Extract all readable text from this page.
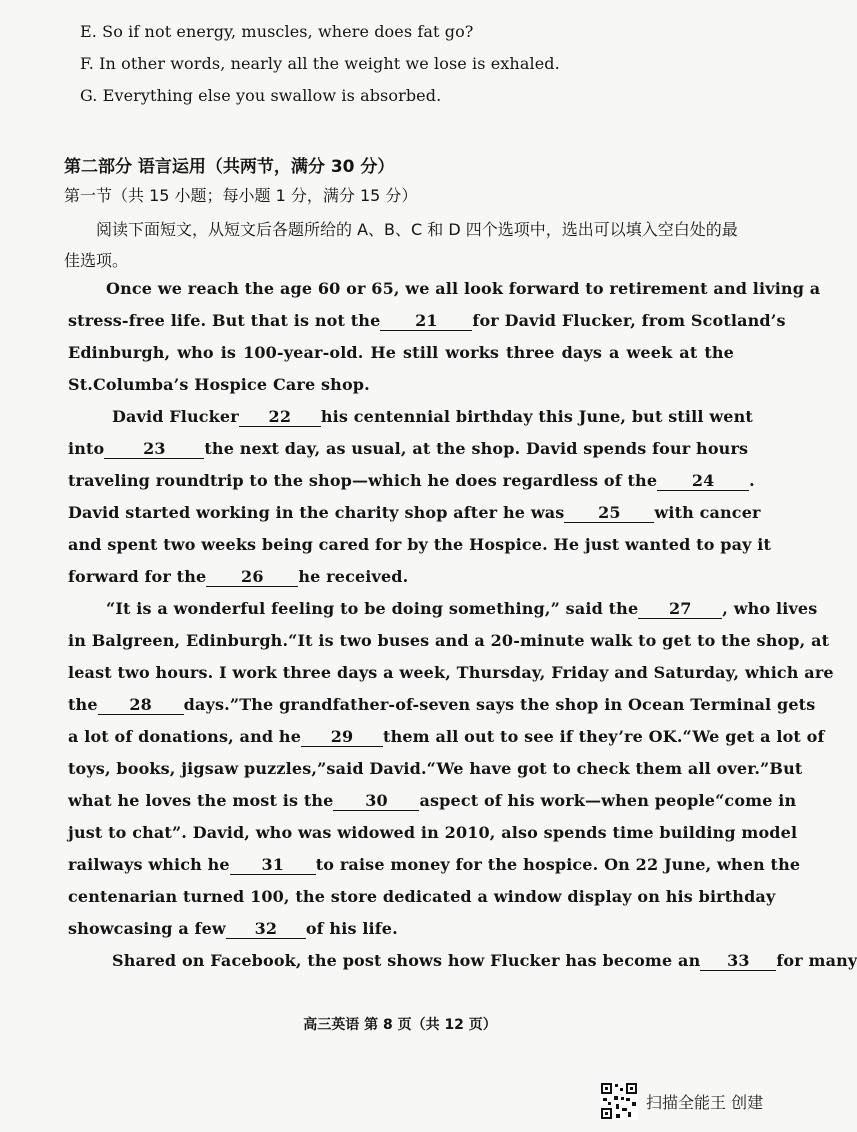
E. So if not energy, muscles, where does fat go?
F. In other words, nearly all the weight we lose is exhaled.
G. Everything else you swallow is absorbed.
第二部分 语言运用（共两节，满分 30 分）
第一节（共 15 小题；每小题 1 分，满分 15 分）
阅读下面短文，从短文后各题所给的 A、B、C 和 D 四个选项中，选出可以填入空白处的最佳选项。
Once we reach the age 60 or 65, we all look forward to retirement and living a
stress-free life. But that is not the 21 for David Flucker, from Scotland’s
Edinburgh, who is 100-year-old. He still works three days a week at the
St.Columba’s Hospice Care shop.
David Flucker 22 his centennial birthday this June, but still went
into 23 the next day, as usual, at the shop. David spends four hours
traveling roundtrip to the shop—which he does regardless of the 24 .
David started working in the charity shop after he was 25 with cancer
and spent two weeks being cared for by the Hospice. He just wanted to pay it
forward for the 26 he received.
“It is a wonderful feeling to be doing something,” said the 27 , who lives
in Balgreen, Edinburgh.“It is two buses and a 20-minute walk to get to the shop, at
least two hours. I work three days a week, Thursday, Friday and Saturday, which are
the 28 days.”The grandfather-of-seven says the shop in Ocean Terminal gets
a lot of donations, and he 29 them all out to see if they’re OK.“We get a lot of
toys, books, jigsaw puzzles,”said David.“We have got to check them all over.”But
what he loves the most is the 30 aspect of his work—when people“come in
just to chat”. David, who was widowed in 2010, also spends time building model
railways which he 31 to raise money for the hospice. On 22 June, when the
centenarian turned 100, the store dedicated a window display on his birthday
showcasing a few 32 of his life.
Shared on Facebook, the post shows how Flucker has become an 33 for many
高三英语 第 8 页（共 12 页）
扫描全能王 创建
